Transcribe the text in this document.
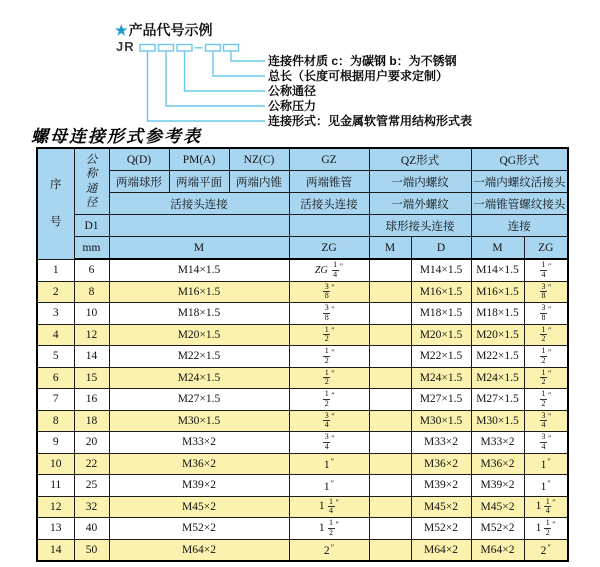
★产品代号示例
JR
连接件材质 c：为碳钢 b：为不锈钢
总长（长度可根据用户要求定制）
公称通径
公称压力
连接形式：见金属软管常用结构形式表
螺母连接形式参考表
序号	公称通径	Q(D)	PM(A)	NZ(C)	GZ	QZ形式		QG形式	
		两端球形	两端平面	两端内锥	两端锥管	一端内螺纹		一端内螺纹活接头	
		活接头连接			活接头连接	一端外螺纹		一端锥管螺纹接头	
	D1					球形接头连接		连接	
	mm	M			ZG	M	D	M	ZG
1	6	M14×1.5			ZG $\frac{1}{4} ''$		M14×1.5	M14×1.5	$\frac{1}{4} ''$
2	8	M16×1.5			$\frac{3}{8} ''$		M16×1.5	M16×1.5	$\frac{3}{8} ''$
3	10	M18×1.5			$\frac{3}{8} ''$		M18×1.5	M18×1.5	$\frac{3}{8} ''$
4	12	M20×1.5			$\frac{1}{2} ''$		M20×1.5	M20×1.5	$\frac{1}{2} ''$
5	14	M22×1.5			$\frac{1}{2} ''$		M22×1.5	M22×1.5	$\frac{1}{2} ''$
6	15	M24×1.5			$\frac{1}{2} ''$		M24×1.5	M24×1.5	$\frac{1}{2} ''$
7	16	M27×1.5			$\frac{1}{2} ''$		M27×1.5	M27×1.5	$\frac{1}{2} ''$
8	18	M30×1.5			$\frac{3}{4} ''$		M30×1.5	M30×1.5	$\frac{3}{4} ''$
9	20	M33×2			$\frac{3}{4} ''$		M33×2	M33×2	$\frac{3}{4} ''$
10	22	M36×2			1″		M36×2	M36×2	1″
11	25	M39×2			1″		M39×2	M39×2	1″
12	32	M45×2			$1 \frac{1}{4} ''$		M45×2	M45×2	$1 \frac{1}{4} ''$
13	40	M52×2			$1 \frac{1}{2} ''$		M52×2	M52×2	$1 \frac{1}{2} ''$
14	50	M64×2			2″		M64×2	M64×2	2″
